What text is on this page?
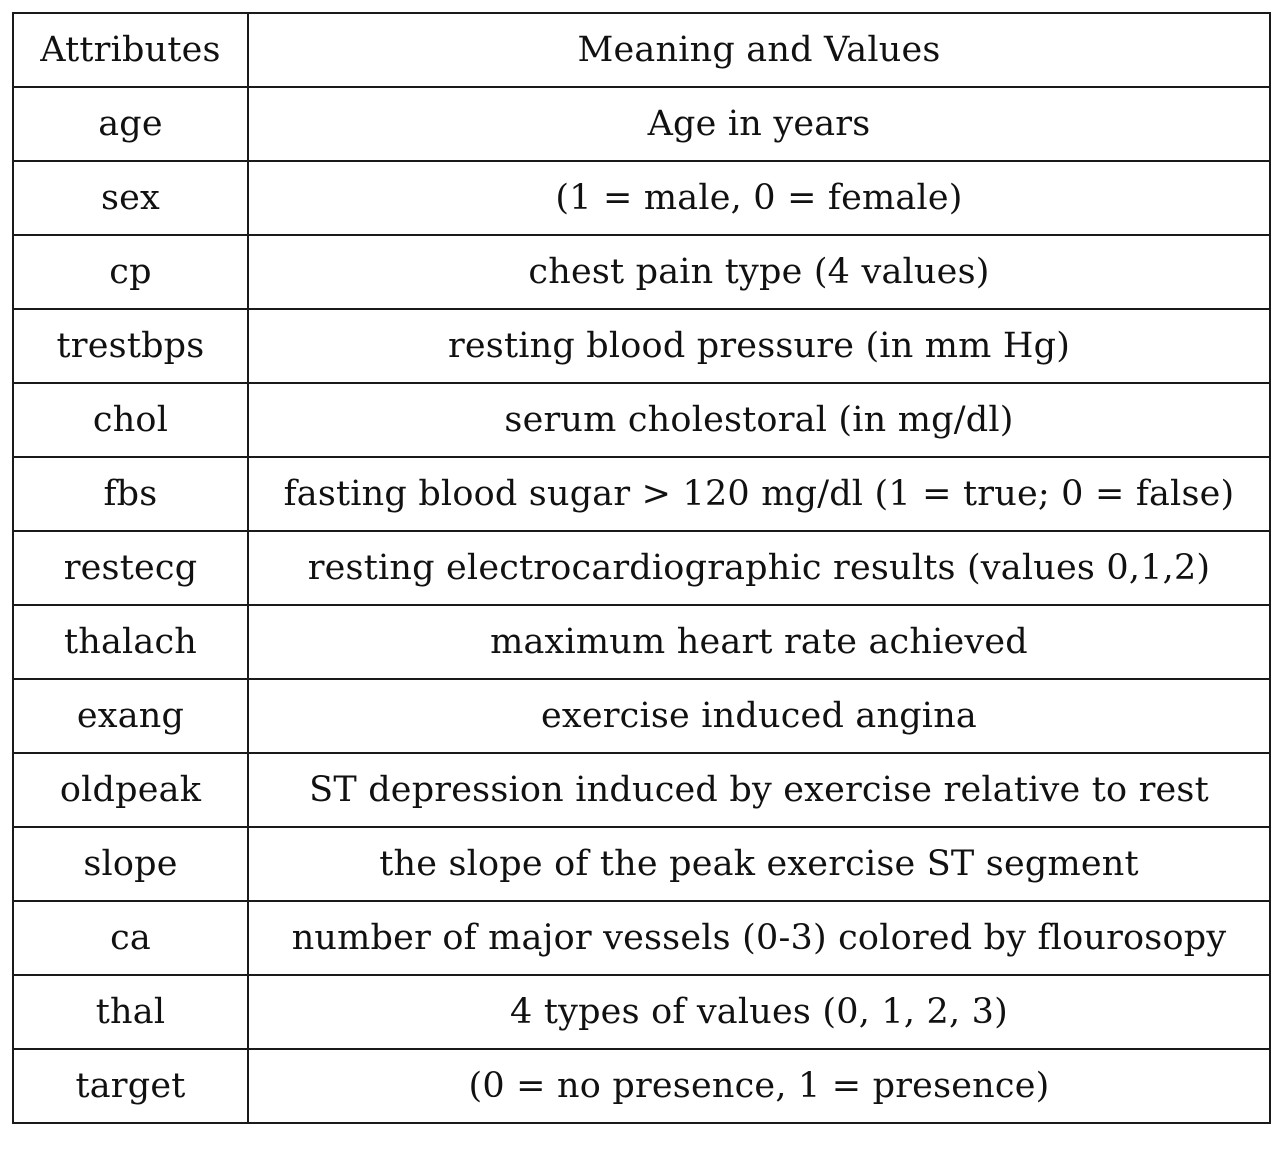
Attributes	Meaning and Values
age	Age in years
sex	(1 = male, 0 = female)
cp	chest pain type (4 values)
trestbps	resting blood pressure (in mm Hg)
chol	serum cholestoral (in mg/dl)
fbs	fasting blood sugar > 120 mg/dl (1 = true; 0 = false)
restecg	resting electrocardiographic results (values 0,1,2)
thalach	maximum heart rate achieved
exang	exercise induced angina
oldpeak	ST depression induced by exercise relative to rest
slope	the slope of the peak exercise ST segment
ca	number of major vessels (0-3) colored by flourosopy
thal	4 types of values (0, 1, 2, 3)
target	(0 = no presence, 1 = presence)
